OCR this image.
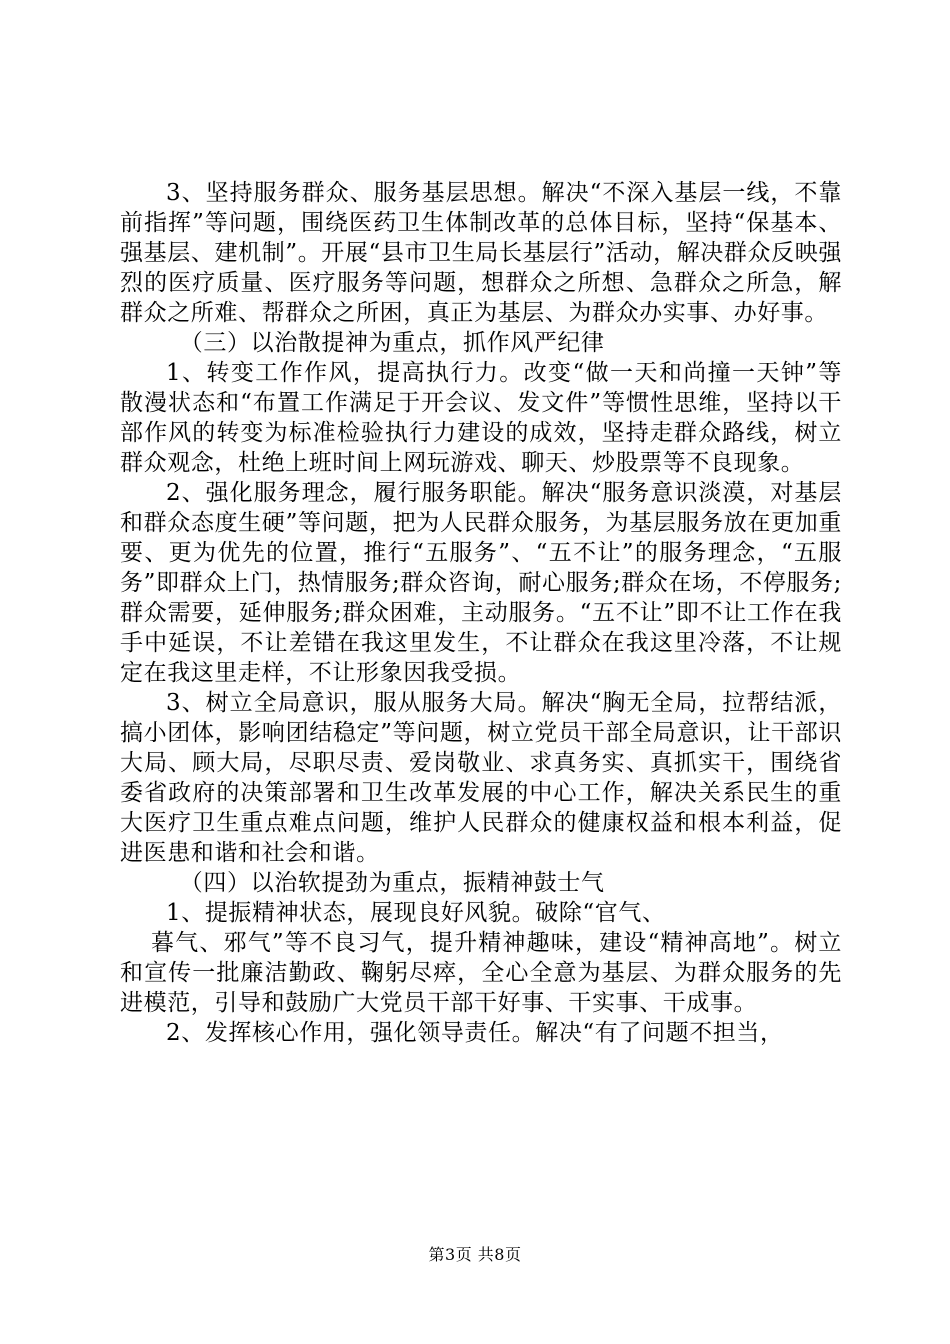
3、坚持服务群众、服务基层思想。解决“不深入基层一线，不靠前指挥”等问题，围绕医药卫生体制改革的总体目标，坚持“保基本、强基层、建机制”。开展“县市卫生局长基层行”活动，解决群众反映强烈的医疗质量、医疗服务等问题，想群众之所想、急群众之所急，解群众之所难、帮群众之所困，真正为基层、为群众办实事、办好事。

（三）以治散提神为重点，抓作风严纪律

1、转变工作作风，提高执行力。改变“做一天和尚撞一天钟”等散漫状态和“布置工作满足于开会议、发文件”等惯性思维，坚持以干部作风的转变为标准检验执行力建设的成效，坚持走群众路线，树立群众观念，杜绝上班时间上网玩游戏、聊天、炒股票等不良现象。

2、强化服务理念，履行服务职能。解决“服务意识淡漠，对基层和群众态度生硬”等问题，把为人民群众服务，为基层服务放在更加重要、更为优先的位置，推行“五服务”、“五不让”的服务理念，“五服务”即群众上门，热情服务;群众咨询，耐心服务;群众在场，不停服务;群众需要，延伸服务;群众困难，主动服务。“五不让”即不让工作在我手中延误，不让差错在我这里发生，不让群众在我这里冷落，不让规定在我这里走样，不让形象因我受损。

3、树立全局意识，服从服务大局。解决“胸无全局，拉帮结派，搞小团体，影响团结稳定”等问题，树立党员干部全局意识，让干部识大局、顾大局，尽职尽责、爱岗敬业、求真务实、真抓实干，围绕省委省政府的决策部署和卫生改革发展的中心工作，解决关系民生的重大医疗卫生重点难点问题，维护人民群众的健康权益和根本利益，促进医患和谐和社会和谐。

（四）以治软提劲为重点，振精神鼓士气

1、提振精神状态，展现良好风貌。破除“官气、

暮气、邪气”等不良习气，提升精神趣味，建设“精神高地”。树立和宣传一批廉洁勤政、鞠躬尽瘁，全心全意为基层、为群众服务的先进模范，引导和鼓励广大党员干部干好事、干实事、干成事。

2、发挥核心作用，强化领导责任。解决“有了问题不担当，

第3页 共8页
